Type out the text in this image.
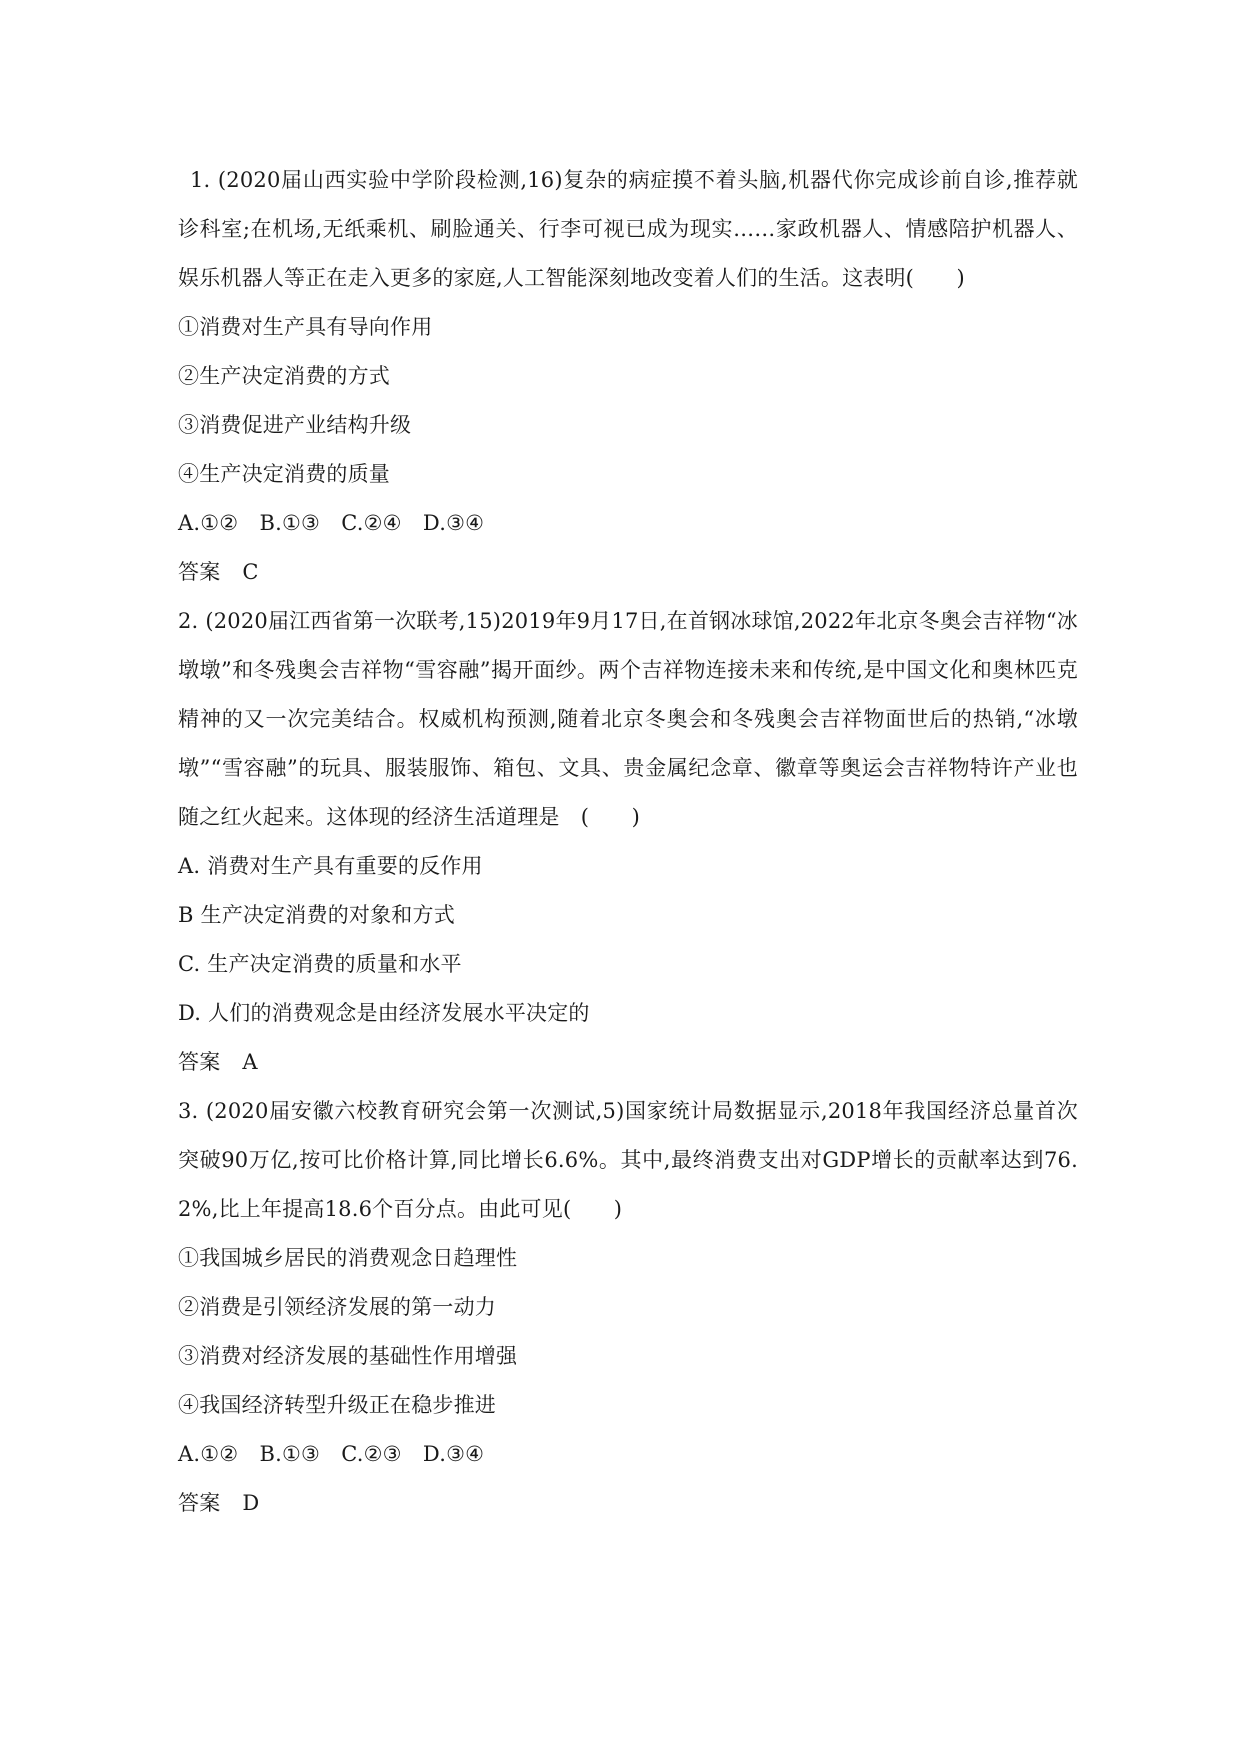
1. (2020届山西实验中学阶段检测,16)复杂的病症摸不着头脑,机器代你完成诊前自诊,推荐就诊科室;在机场,无纸乘机、刷脸通关、行李可视已成为现实……家政机器人、情感陪护机器人、娱乐机器人等正在走入更多的家庭,人工智能深刻地改变着人们的生活。这表明(　　)
①消费对生产具有导向作用
②生产决定消费的方式
③消费促进产业结构升级
④生产决定消费的质量
A.①②　B.①③　C.②④　D.③④
答案 C
2. (2020届江西省第一次联考,15)2019年9月17日,在首钢冰球馆,2022年北京冬奥会吉祥物“冰墩墩”和冬残奥会吉祥物“雪容融”揭开面纱。两个吉祥物连接未来和传统,是中国文化和奥林匹克精神的又一次完美结合。权威机构预测,随着北京冬奥会和冬残奥会吉祥物面世后的热销,“冰墩墩”“雪容融”的玩具、服装服饰、箱包、文具、贵金属纪念章、徽章等奥运会吉祥物特许产业也随之红火起来。这体现的经济生活道理是　(　　)
A. 消费对生产具有重要的反作用
B 生产决定消费的对象和方式
C. 生产决定消费的质量和水平
D. 人们的消费观念是由经济发展水平决定的
答案 A
3. (2020届安徽六校教育研究会第一次测试,5)国家统计局数据显示,2018年我国经济总量首次突破90万亿,按可比价格计算,同比增长6.6%。其中,最终消费支出对GDP增长的贡献率达到76.2%,比上年提高18.6个百分点。由此可见(　　)
①我国城乡居民的消费观念日趋理性
②消费是引领经济发展的第一动力
③消费对经济发展的基础性作用增强
④我国经济转型升级正在稳步推进
A.①②　B.①③　C.②③　D.③④
答案 D
